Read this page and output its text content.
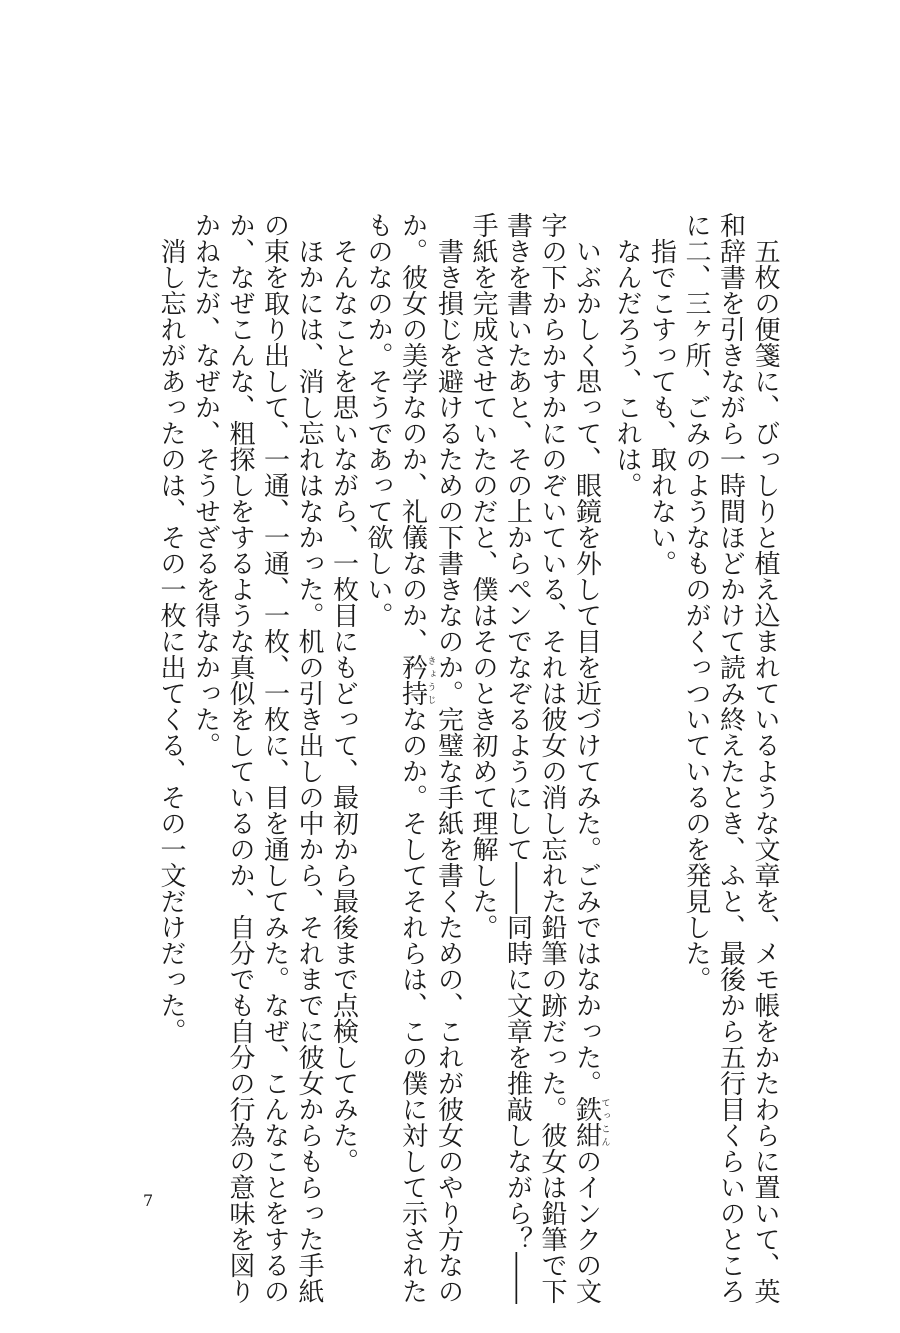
　五枚の便箋に、びっしりと植え込まれているような文章を、メモ帳をかたわらに置いて、英
和辞書を引きながら一時間ほどかけて読み終えたとき、ふと、最後から五行目くらいのところ
に二、三ヶ所、ごみのようなものがくっついているのを発見した。

　指でこすっても、取れない。

　なんだろう、これは。

　いぶかしく思って、眼鏡を外して目を近づけてみた。ごみではなかった。鉄紺てっこんのインクの文
字の下からかすかにのぞいている、それは彼女の消し忘れた鉛筆の跡だった。彼女は鉛筆で下
書きを書いたあと、その上からペンでなぞるようにして――同時に文章を推敲しながら？――
手紙を完成させていたのだと、僕はそのとき初めて理解した。

　書き損じを避けるための下書きなのか。完璧な手紙を書くための、これが彼女のやり方なの
か。彼女の美学なのか、礼儀なのか、矜持きょうじなのか。そしてそれらは、この僕に対して示された
ものなのか。そうであって欲しい。

　そんなことを思いながら、一枚目にもどって、最初から最後まで点検してみた。

　ほかには、消し忘れはなかった。机の引き出しの中から、それまでに彼女からもらった手紙
の束を取り出して、一通、一通、一枚、一枚に、目を通してみた。なぜ、こんなことをするの
か、なぜこんな、粗探しをするような真似をしているのか、自分でも自分の行為の意味を図り
かねたが、なぜか、そうせざるを得なかった。

　消し忘れがあったのは、その一枚に出てくる、その一文だけだった。

7
